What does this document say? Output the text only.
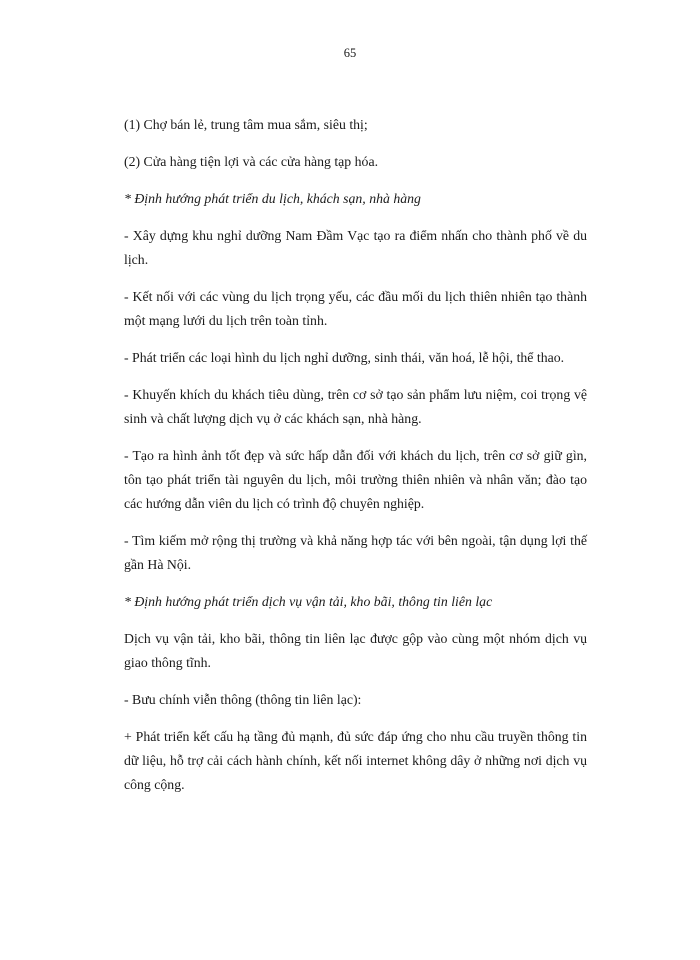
65

(1) Chợ bán lẻ, trung tâm mua sắm, siêu thị;

(2) Cửa hàng tiện lợi và các cửa hàng tạp hóa.

* Định hướng phát triển du lịch, khách sạn, nhà hàng

- Xây dựng khu nghỉ dưỡng Nam Đầm Vạc tạo ra điểm nhấn cho thành phố về du lịch.

- Kết nối với các vùng du lịch trọng yếu, các đầu mối du lịch thiên nhiên tạo thành một mạng lưới du lịch trên toàn tỉnh.

- Phát triển các loại hình du lịch nghỉ dưỡng, sinh thái, văn hoá, lễ hội, thể thao.

- Khuyến khích du khách tiêu dùng, trên cơ sở tạo sản phẩm lưu niệm, coi trọng vệ sinh và chất lượng dịch vụ ở các khách sạn, nhà hàng.

- Tạo ra hình ảnh tốt đẹp và sức hấp dẫn đối với khách du lịch, trên cơ sở giữ gìn, tôn tạo phát triển tài nguyên du lịch, môi trường thiên nhiên và nhân văn; đào tạo các hướng dẫn viên du lịch có trình độ chuyên nghiệp.

- Tìm kiếm mở rộng thị trường và khả năng hợp tác với bên ngoài, tận dụng lợi thế gần Hà Nội.

* Định hướng phát triển dịch vụ vận tải, kho bãi, thông tin liên lạc

Dịch vụ vận tải, kho bãi, thông tin liên lạc được gộp vào cùng một nhóm dịch vụ giao thông tĩnh.

- Bưu chính viễn thông (thông tin liên lạc):

+ Phát triển kết cấu hạ tầng đủ mạnh, đủ sức đáp ứng cho nhu cầu truyền thông tin dữ liệu, hỗ trợ cải cách hành chính, kết nối internet không dây ở những nơi dịch vụ công cộng.
